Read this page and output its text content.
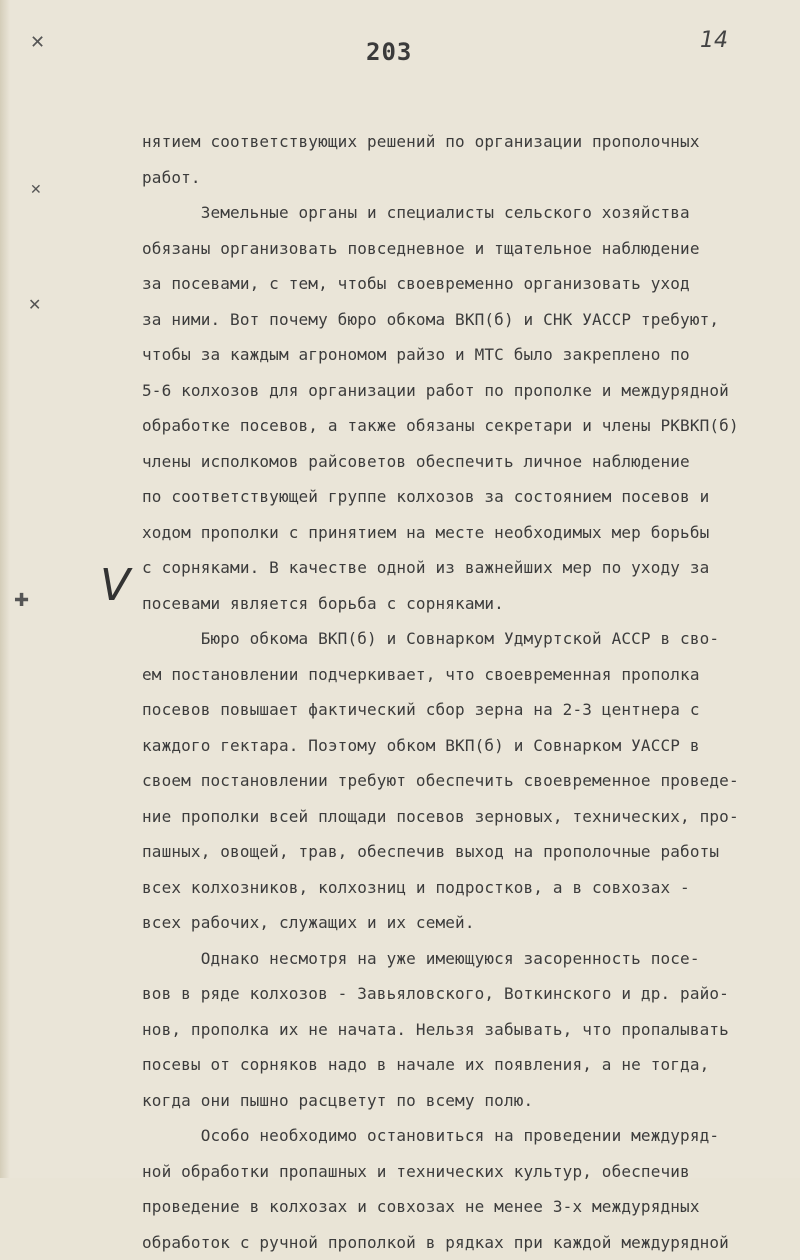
✕
✕
✕
✚
203	14
V
нятием соответствующих решений по организации прополочных
работ.
Земельные органы и специалисты сельского хозяйства
обязаны организовать повседневное и тщательное наблюдение
за посевами, с тем, чтобы своевременно организовать уход
за ними. Вот почему бюро обкома ВКП(б) и СНК УАССР требуют,
чтобы за каждым агрономом райзо и МТС было закреплено по
5-6 колхозов для организации работ по прополке и междурядной
обработке посевов, а также обязаны секретари и члены РКВКП(б)
члены исполкомов райсоветов обеспечить личное наблюдение
по соответствующей группе колхозов за состоянием посевов и
ходом прополки с принятием на месте необходимых мер борьбы
с сорняками. В качестве одной из важнейших мер по уходу за
посевами является борьба с сорняками.
Бюро обкома ВКП(б) и Совнарком Удмуртской АССР в сво-
ем постановлении подчеркивает, что своевременная прополка
посевов повышает фактический сбор зерна на 2-3 центнера с
каждого гектара. Поэтому обком ВКП(б) и Совнарком УАССР в
своем постановлении требуют обеспечить своевременное проведе-
ние прополки всей площади посевов зерновых, технических, про-
пашных, овощей, трав, обеспечив выход на прополочные работы
всех колхозников, колхозниц и подростков, а в совхозах -
всех рабочих, служащих и их семей.
Однако несмотря на уже имеющуюся засоренность посе-
вов в ряде колхозов - Завьяловского, Воткинского и др. райо-
нов, прополка их не начата. Нельзя забывать, что пропалывать
посевы от сорняков надо в начале их появления, а не тогда,
когда они пышно расцветут по всему полю.
Особо необходимо остановиться на проведении междуряд-
ной обработки пропашных и технических культур, обеспечив
проведение в колхозах и совхозах не менее 3-х междурядных
обработок с ручной прополкой в рядках при каждой междурядной
